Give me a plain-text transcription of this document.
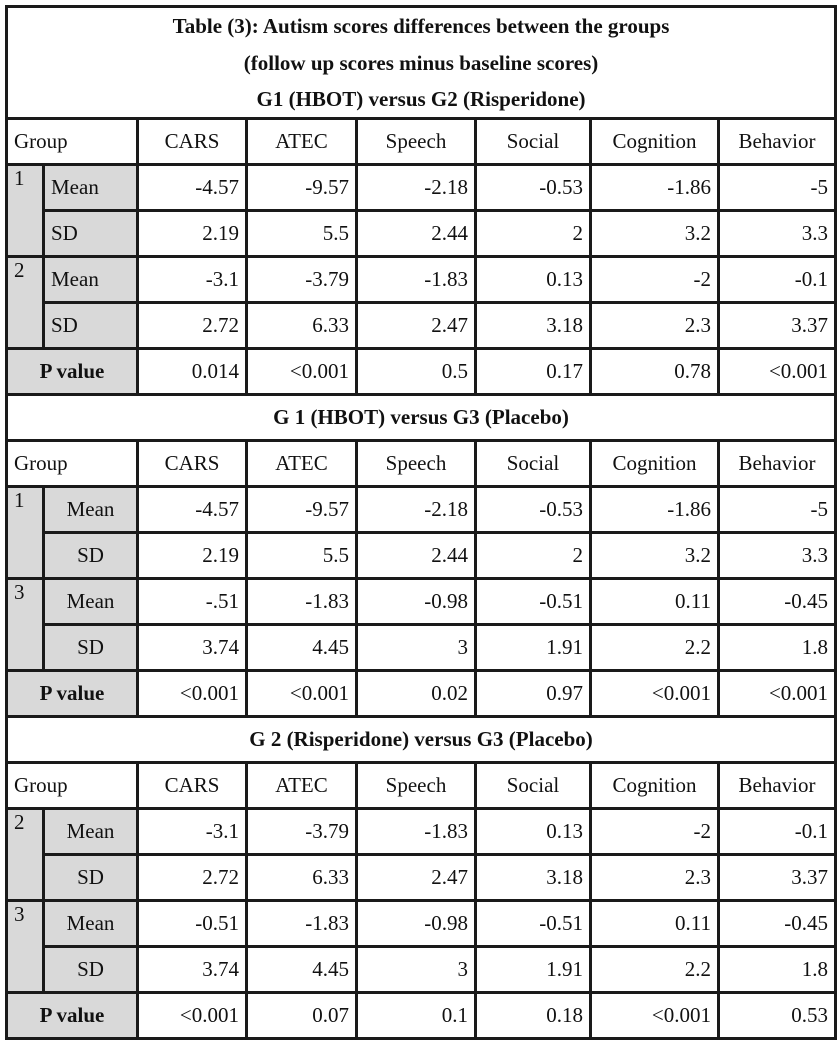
Table (3): Autism scores differences between the groups							
(follow up scores minus baseline scores)							
G1 (HBOT) versus G2 (Risperidone)							
Group		CARS	ATEC	Speech	Social	Cognition	Behavior
1	Mean	-4.57	-9.57	-2.18	-0.53	-1.86	-5
	SD	2.19	5.5	2.44	2	3.2	3.3
2	Mean	-3.1	-3.79	-1.83	0.13	-2	-0.1
	SD	2.72	6.33	2.47	3.18	2.3	3.37
P value		0.014	<0.001	0.5	0.17	0.78	<0.001
G 1 (HBOT) versus G3 (Placebo)							
Group		CARS	ATEC	Speech	Social	Cognition	Behavior
1	Mean	-4.57	-9.57	-2.18	-0.53	-1.86	-5
	SD	2.19	5.5	2.44	2	3.2	3.3
3	Mean	-.51	-1.83	-0.98	-0.51	0.11	-0.45
	SD	3.74	4.45	3	1.91	2.2	1.8
P value		<0.001	<0.001	0.02	0.97	<0.001	<0.001
G 2 (Risperidone) versus G3 (Placebo)							
Group		CARS	ATEC	Speech	Social	Cognition	Behavior
2	Mean	-3.1	-3.79	-1.83	0.13	-2	-0.1
	SD	2.72	6.33	2.47	3.18	2.3	3.37
3	Mean	-0.51	-1.83	-0.98	-0.51	0.11	-0.45
	SD	3.74	4.45	3	1.91	2.2	1.8
P value		<0.001	0.07	0.1	0.18	<0.001	0.53
